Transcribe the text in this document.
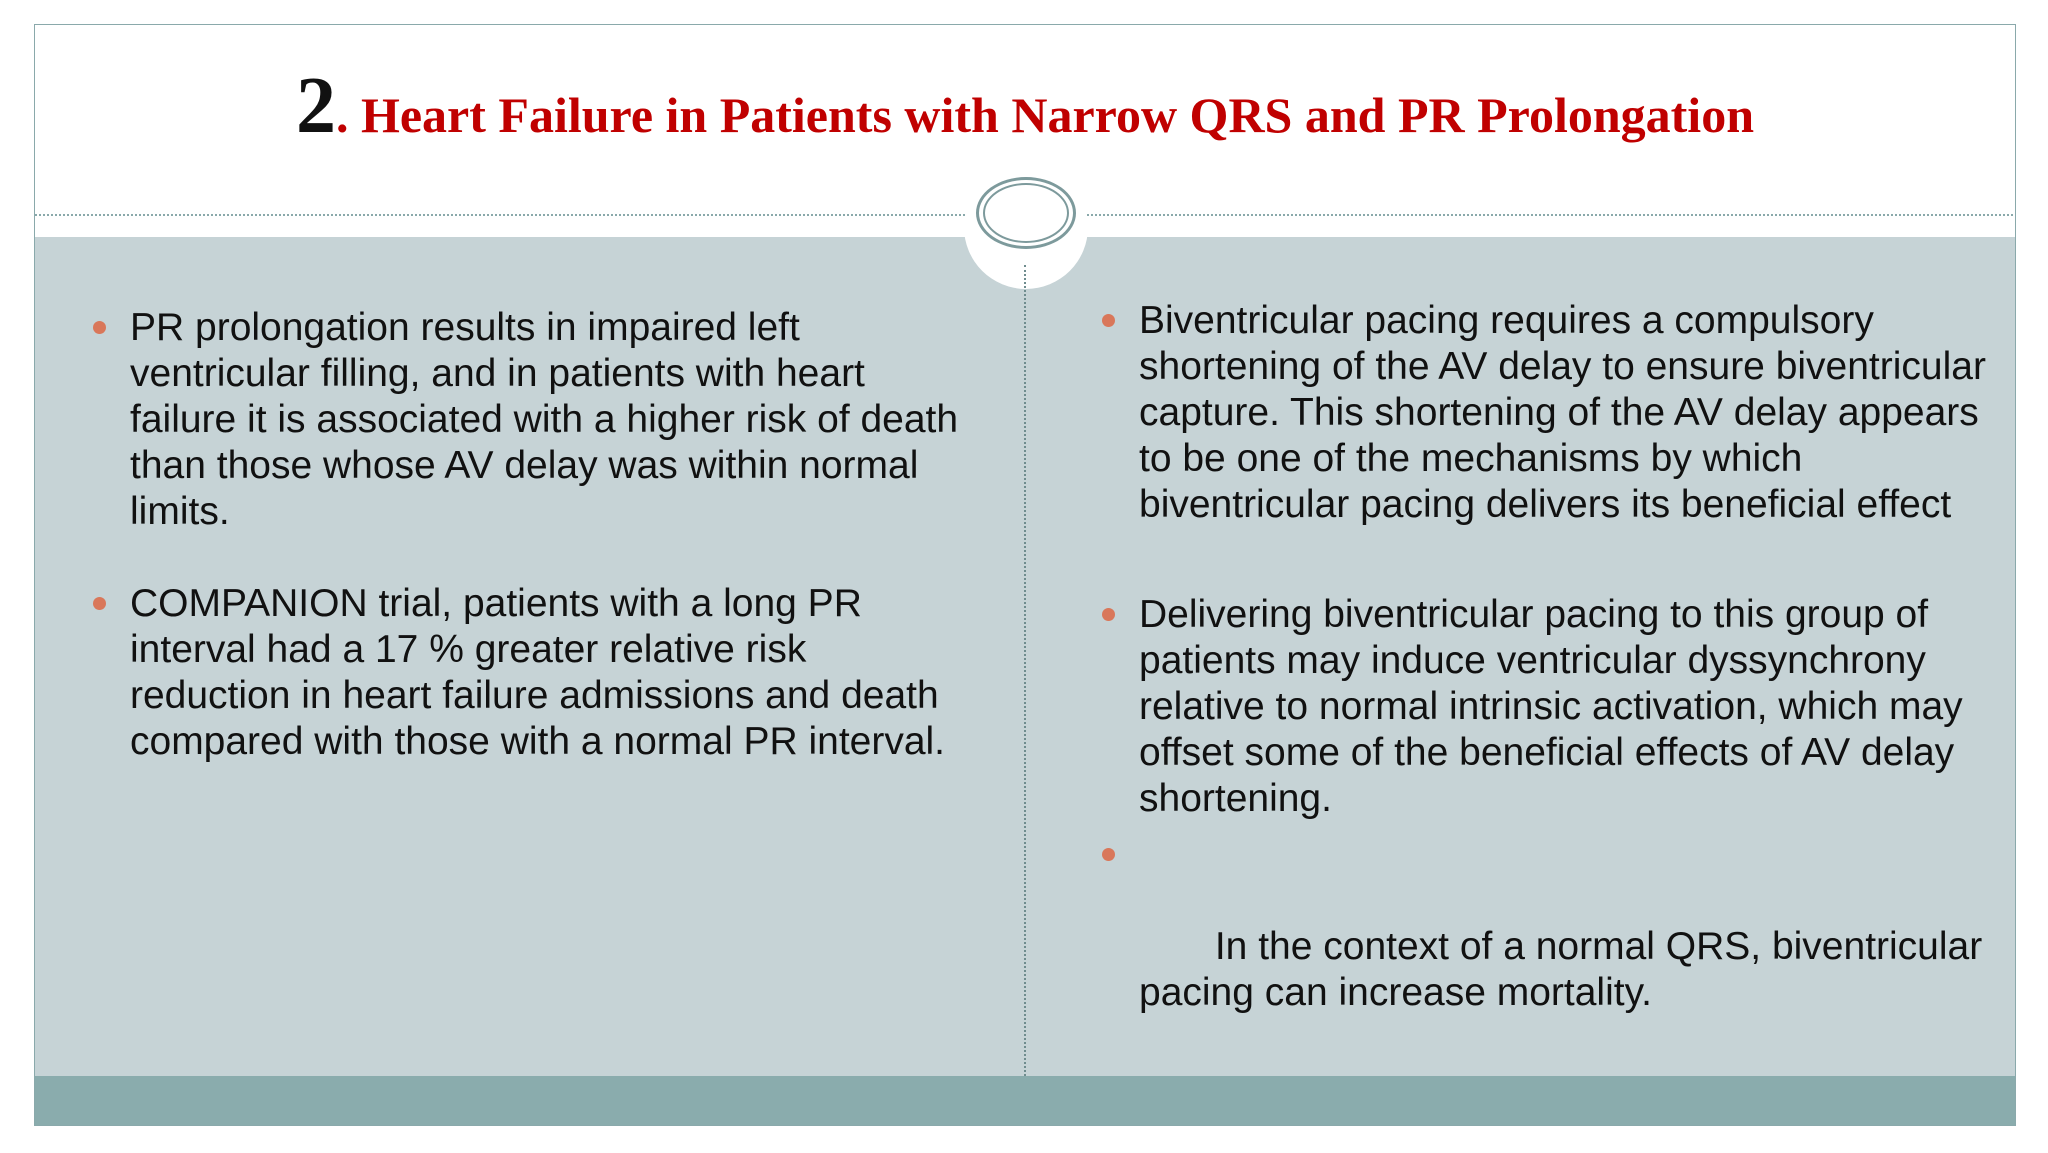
2. Heart Failure in Patients with Narrow QRS and PR Prolongation
PR prolongation results in impaired left ventricular filling, and in patients with heart failure it is associated with a higher risk of death than those whose AV delay was within normal limits.
COMPANION trial, patients with a long PR interval had a 17 % greater relative risk reduction in heart failure admissions and death compared with those with a normal PR interval.
Biventricular pacing requires a compulsory shortening of the AV delay to ensure biventricular capture. This shortening of the AV delay appears to be one of the mechanisms by which biventricular pacing delivers its beneficial effect
Delivering biventricular pacing to this group of patients may induce ventricular dyssynchrony relative to normal intrinsic activation, which may offset some of the beneficial effects of AV delay shortening.

In the context of a normal QRS, biventricular pacing can increase mortality.
